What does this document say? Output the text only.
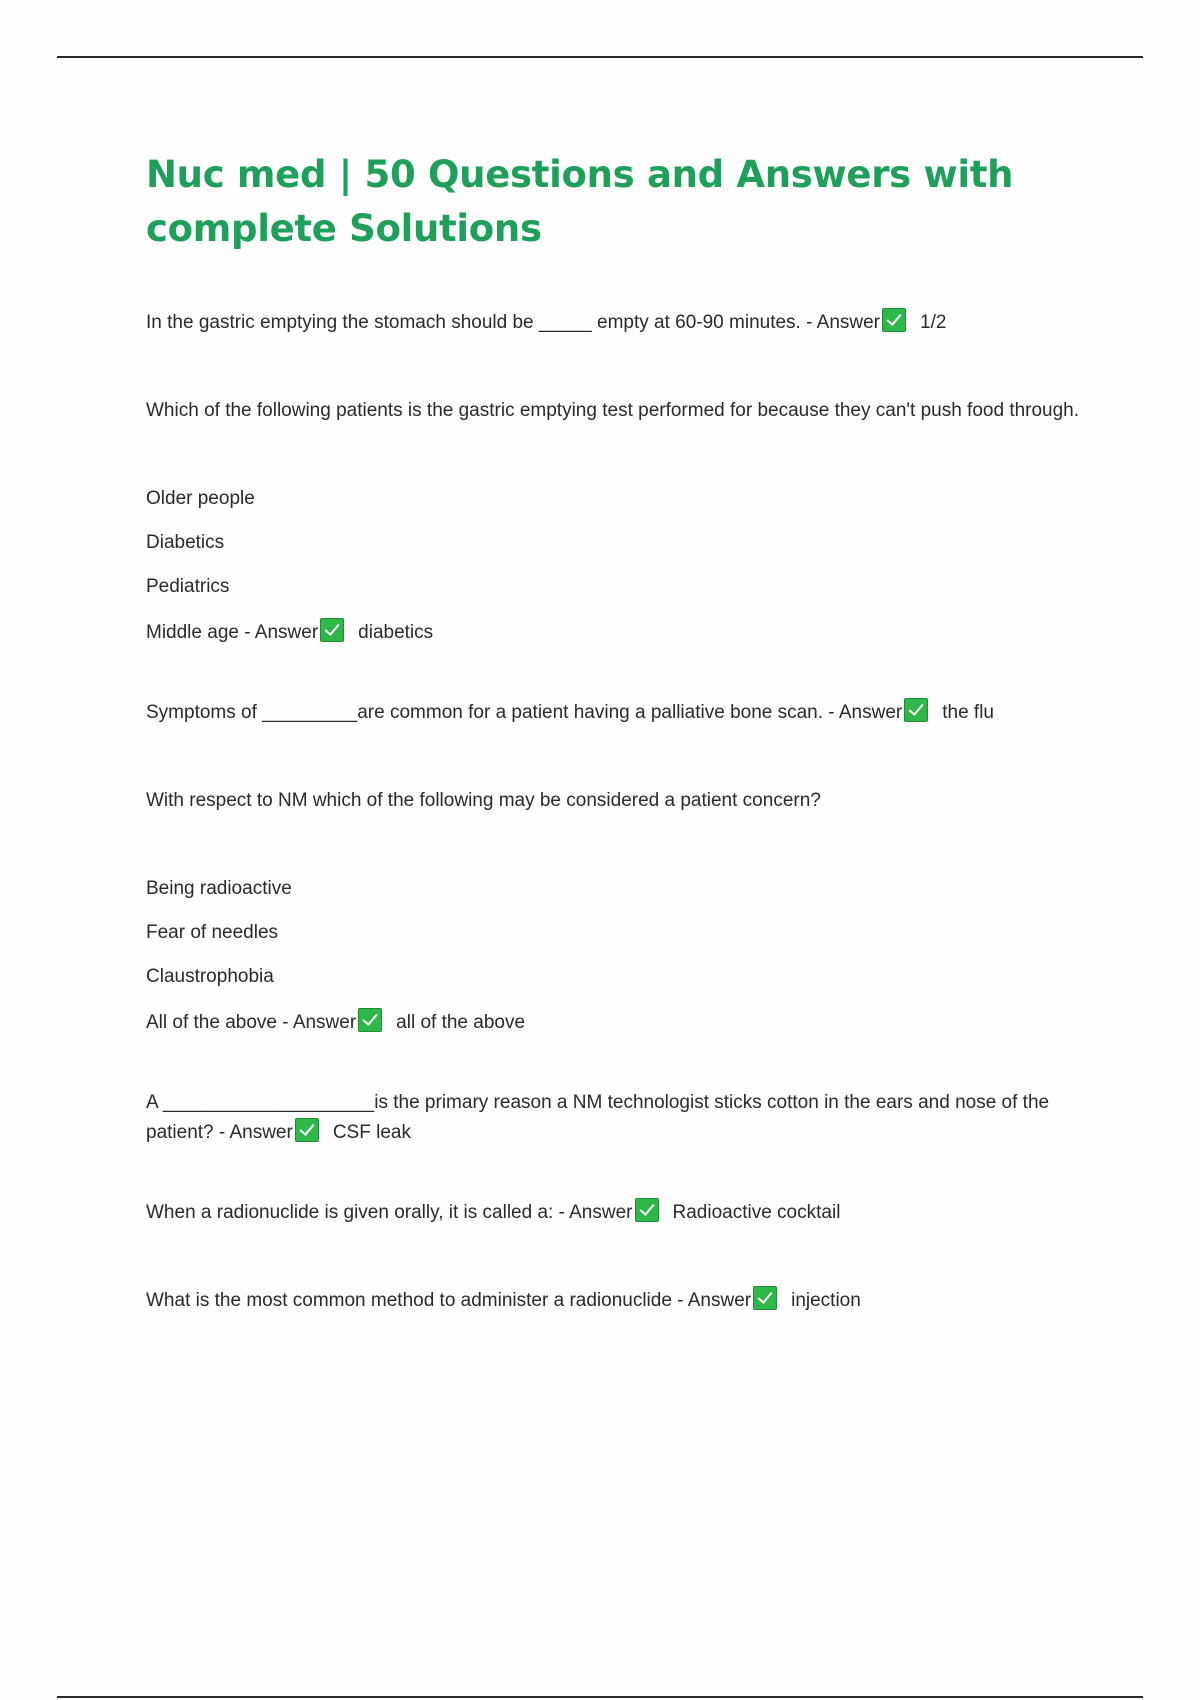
Nuc med | 50 Questions and Answers with complete Solutions

In the gastric emptying the stomach should be _____ empty at 60-90 minutes. - Answer 1/2

Which of the following patients is the gastric emptying test performed for because they can't push food through.

Older people

Diabetics

Pediatrics

Middle age - Answer diabetics

Symptoms of _________are common for a patient having a palliative bone scan. - Answer the flu

With respect to NM which of the following may be considered a patient concern?

Being radioactive

Fear of needles

Claustrophobia

All of the above - Answer all of the above

A ____________________is the primary reason a NM technologist sticks cotton in the ears and nose of the patient? - Answer CSF leak

When a radionuclide is given orally, it is called a: - Answer Radioactive cocktail

What is the most common method to administer a radionuclide - Answer injection
